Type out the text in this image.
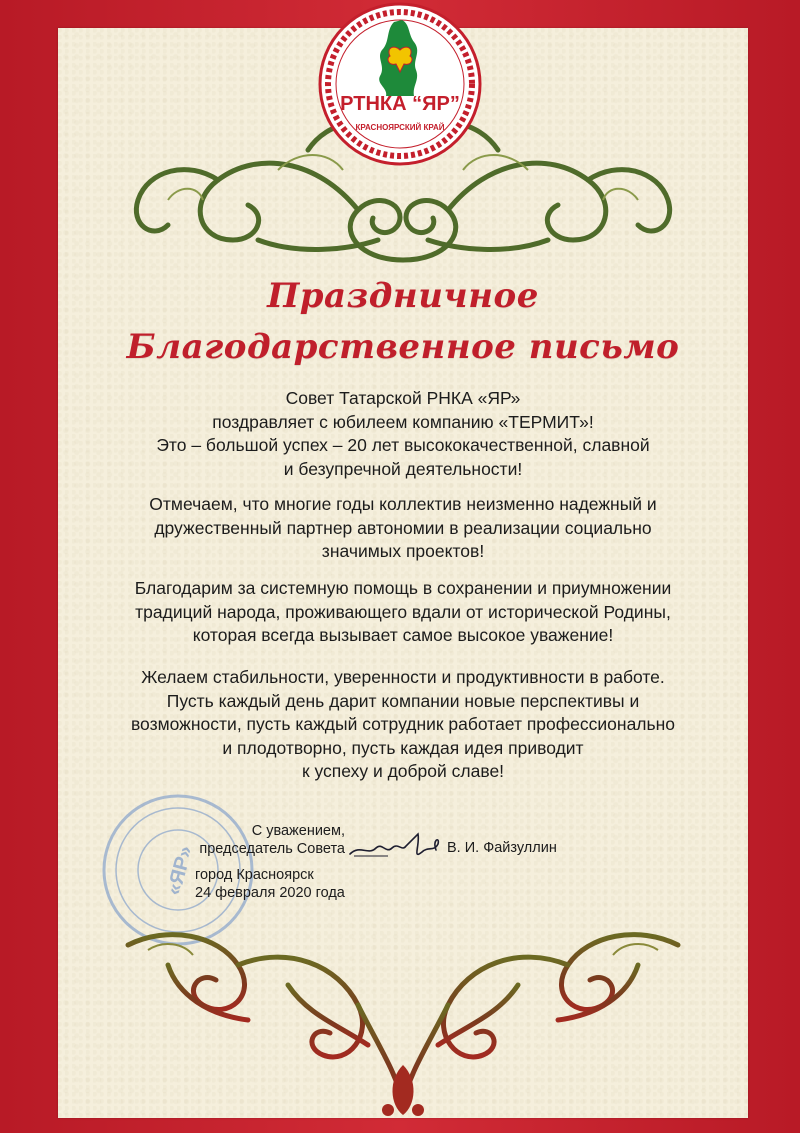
РТНКА “ЯР”
КРАСНОЯРСКИЙ КРАЙ
Праздничное
Благодарственное письмо
Совет Татарской РНКА «ЯР»
поздравляет с юбилеем компанию «ТЕРМИТ»!
Это – большой успех – 20 лет высококачественной, славной
и безупречной деятельности!
Отмечаем, что многие годы коллектив неизменно надежный и
дружественный партнер автономии в реализации социально
значимых проектов!
Благодарим за системную помощь в сохранении и приумножении
традиций народа, проживающего вдали от исторической Родины,
которая всегда вызывает самое высокое уважение!
Желаем стабильности, уверенности и продуктивности в работе.
Пусть каждый день дарит компании новые перспективы и
возможности, пусть каждый сотрудник работает профессионально
и плодотворно, пусть каждая идея приводит
к успеху и доброй славе!
«ЯР»
С уважением,
председатель Совета	В. И. Файзуллин
город Красноярск
24 февраля 2020 года
